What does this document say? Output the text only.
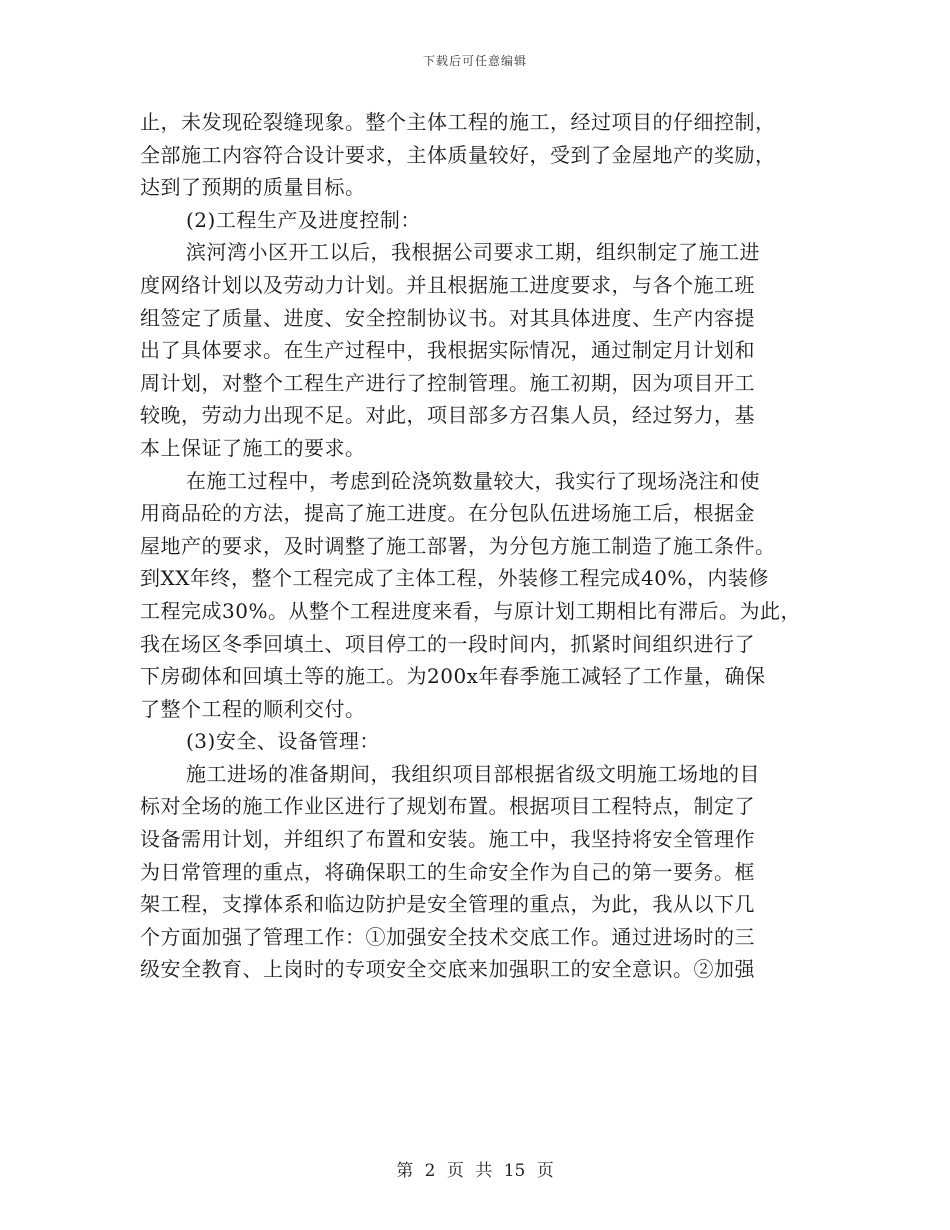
下载后可任意编辑
止，未发现砼裂缝现象。整个主体工程的施工，经过项目的仔细控制，
全部施工内容符合设计要求，主体质量较好，受到了金屋地产的奖励，
达到了预期的质量目标。
(2)工程生产及进度控制：
滨河湾小区开工以后，我根据公司要求工期，组织制定了施工进
度网络计划以及劳动力计划。并且根据施工进度要求，与各个施工班
组签定了质量、进度、安全控制协议书。对其具体进度、生产内容提
出了具体要求。在生产过程中，我根据实际情况，通过制定月计划和
周计划，对整个工程生产进行了控制管理。施工初期，因为项目开工
较晚，劳动力出现不足。对此，项目部多方召集人员，经过努力，基
本上保证了施工的要求。
在施工过程中，考虑到砼浇筑数量较大，我实行了现场浇注和使
用商品砼的方法，提高了施工进度。在分包队伍进场施工后，根据金
屋地产的要求，及时调整了施工部署，为分包方施工制造了施工条件。
到XX年终，整个工程完成了主体工程，外装修工程完成40%，内装修
工程完成30%。从整个工程进度来看，与原计划工期相比有滞后。为此，
我在场区冬季回填土、项目停工的一段时间内，抓紧时间组织进行了
下房砌体和回填土等的施工。为200x年春季施工减轻了工作量，确保
了整个工程的顺利交付。
(3)安全、设备管理：
施工进场的准备期间，我组织项目部根据省级文明施工场地的目
标对全场的施工作业区进行了规划布置。根据项目工程特点，制定了
设备需用计划，并组织了布置和安装。施工中，我坚持将安全管理作
为日常管理的重点，将确保职工的生命安全作为自己的第一要务。框
架工程，支撑体系和临边防护是安全管理的重点，为此，我从以下几
个方面加强了管理工作：①加强安全技术交底工作。通过进场时的三
级安全教育、上岗时的专项安全交底来加强职工的安全意识。②加强
第 2 页 共 15 页
